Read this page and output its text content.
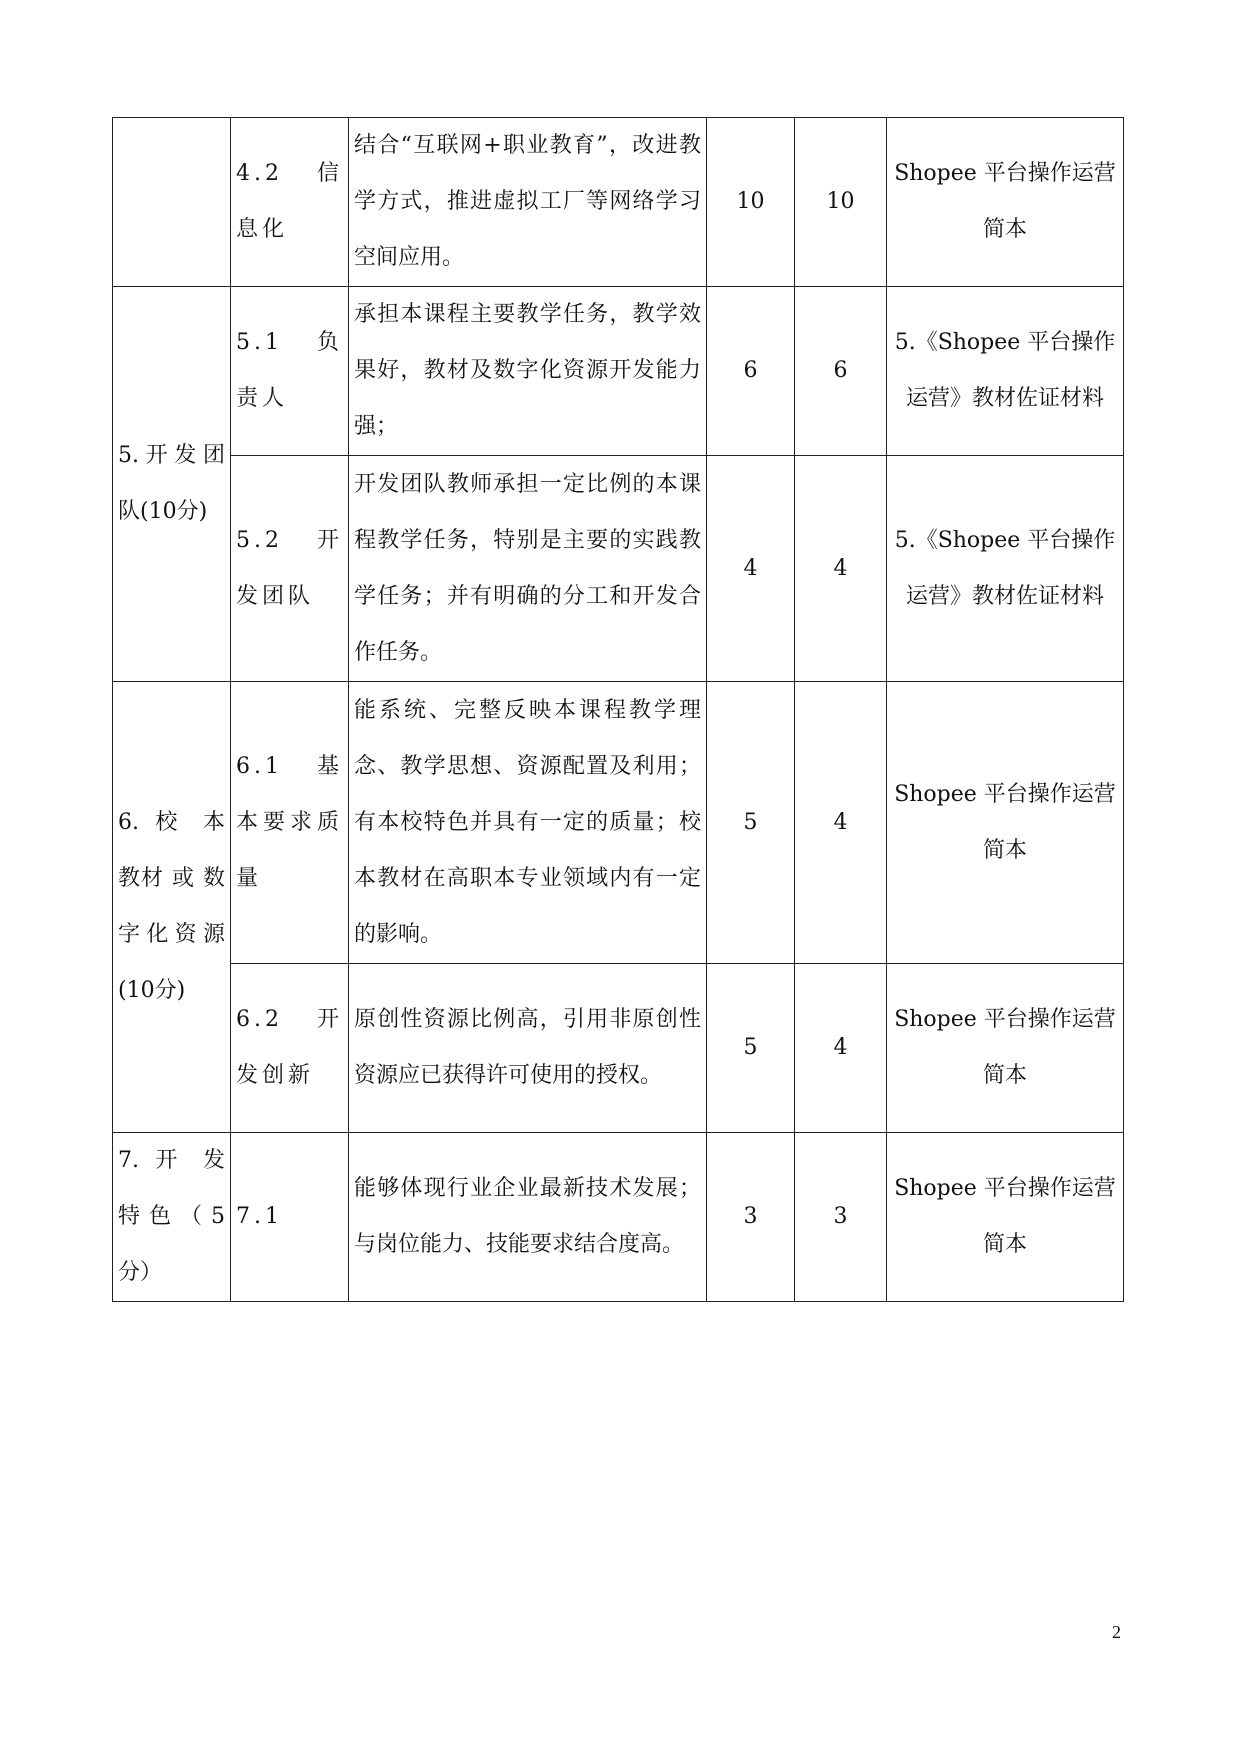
	4.2 信 息化	结合“互联网+职业教育”，改进教学方式，推进虚拟工厂等网络学习空间应用。	10	10	Shopee 平台操作运营简本
5.开发团队(10分)	5.1 负 责人	承担本课程主要教学任务，教学效果好，教材及数字化资源开发能力强；	6	6	5.《Shopee 平台操作运营》教材佐证材料
	5.2 开 发团队	开发团队教师承担一定比例的本课程教学任务，特别是主要的实践教学任务；并有明确的分工和开发合作任务。	4	4	5.《Shopee 平台操作运营》教材佐证材料
6. 校 本 教材 或 数 字化资源(10分)	6.1 基 本要求质量	能系统、完整反映本课程教学理念、教学思想、资源配置及利用；有本校特色并具有一定的质量；校本教材在高职本专业领域内有一定的影响。	5	4	Shopee 平台操作运营简本
	6.2 开 发创新	原创性资源比例高，引用非原创性资源应已获得许可使用的授权。	5	4	Shopee 平台操作运营简本
7. 开 发 特色（5分）	7.1	能够体现行业企业最新技术发展；与岗位能力、技能要求结合度高。	3	3	Shopee 平台操作运营简本
2
